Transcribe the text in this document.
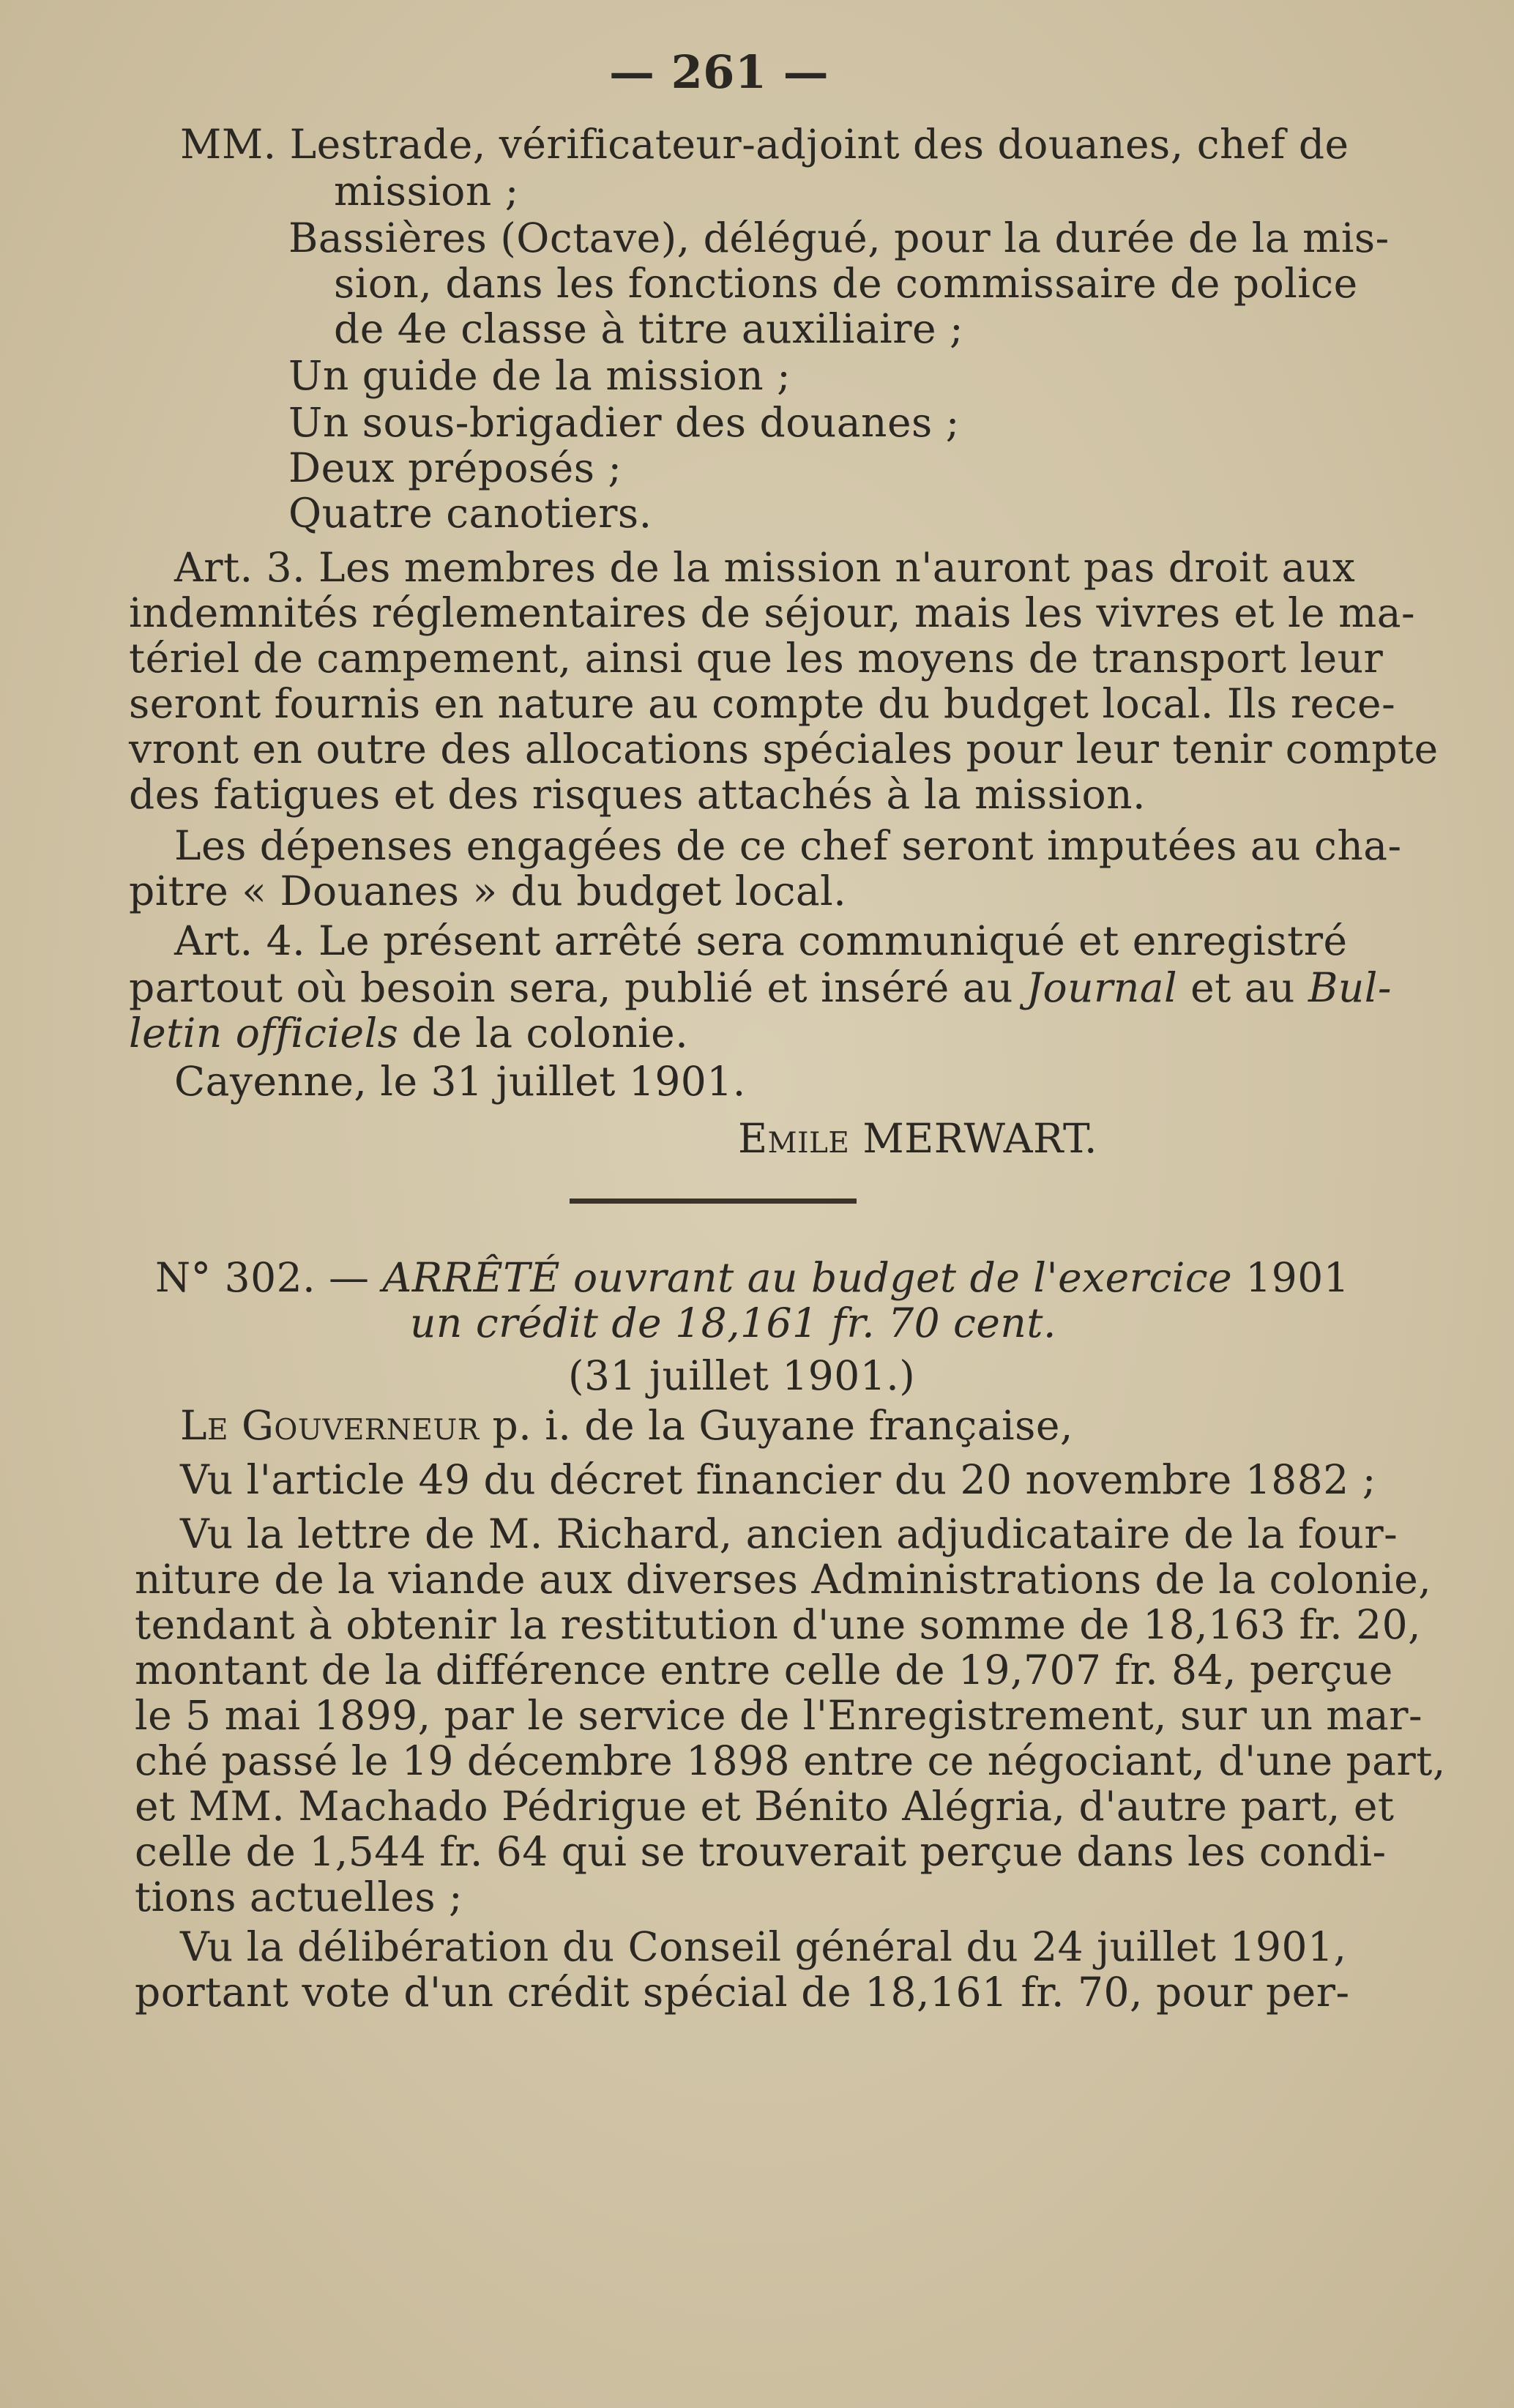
— 261 —
MM. Lestrade, vérificateur-adjoint des douanes, chef de
mission ;
Bassières (Octave), délégué, pour la durée de la mis-
sion, dans les fonctions de commissaire de police
de 4e classe à titre auxiliaire ;
Un guide de la mission ;
Un sous-brigadier des douanes ;
Deux préposés ;
Quatre canotiers.
Art. 3. Les membres de la mission n'auront pas droit aux
indemnités réglementaires de séjour, mais les vivres et le ma-
tériel de campement, ainsi que les moyens de transport leur
seront fournis en nature au compte du budget local. Ils rece-
vront en outre des allocations spéciales pour leur tenir compte
des fatigues et des risques attachés à la mission.
Les dépenses engagées de ce chef seront imputées au cha-
pitre « Douanes » du budget local.
Art. 4. Le présent arrêté sera communiqué et enregistré
partout où besoin sera, publié et inséré au Journal et au Bul-
letin officiels de la colonie.
Cayenne, le 31 juillet 1901.
Emile MERWART.
N° 302. — ARRÊTÉ ouvrant au budget de l'exercice 1901
un crédit de 18,161 fr. 70 cent.
(31 juillet 1901.)
Le Gouverneur p. i. de la Guyane française,
Vu l'article 49 du décret financier du 20 novembre 1882 ;
Vu la lettre de M. Richard, ancien adjudicataire de la four-
niture de la viande aux diverses Administrations de la colonie,
tendant à obtenir la restitution d'une somme de 18,163 fr. 20,
montant de la différence entre celle de 19,707 fr. 84, perçue
le 5 mai 1899, par le service de l'Enregistrement, sur un mar-
ché passé le 19 décembre 1898 entre ce négociant, d'une part,
et MM. Machado Pédrigue et Bénito Alégria, d'autre part, et
celle de 1,544 fr. 64 qui se trouverait perçue dans les condi-
tions actuelles ;
Vu la délibération du Conseil général du 24 juillet 1901,
portant vote d'un crédit spécial de 18,161 fr. 70, pour per-
